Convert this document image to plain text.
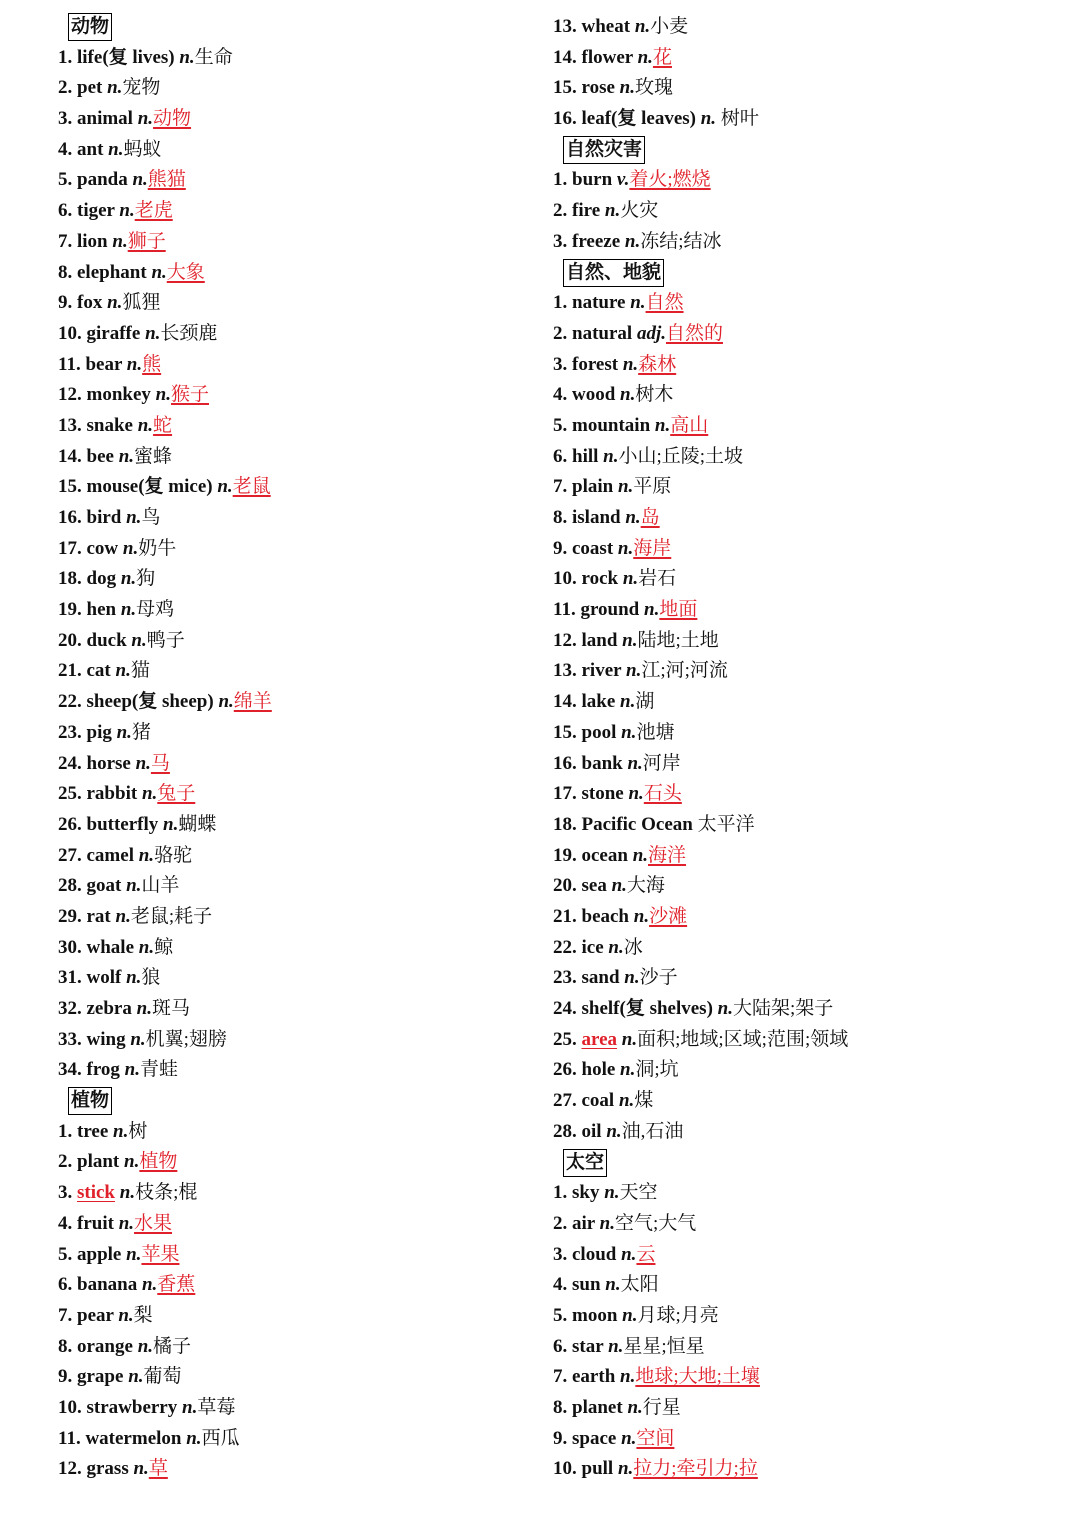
动物
1. life(复 lives) n.生命
2. pet n.宠物
3. animal n.动物
4. ant n.蚂蚁
5. panda n.熊猫
6. tiger n.老虎
7. lion n.狮子
8. elephant n.大象
9. fox n.狐狸
10. giraffe n.长颈鹿
11. bear n.熊
12. monkey n.猴子
13. snake n.蛇
14. bee n.蜜蜂
15. mouse(复 mice) n.老鼠
16. bird n.鸟
17. cow n.奶牛
18. dog n.狗
19. hen n.母鸡
20. duck n.鸭子
21. cat n.猫
22. sheep(复 sheep) n.绵羊
23. pig n.猪
24. horse n.马
25. rabbit n.兔子
26. butterfly n.蝴蝶
27. camel n.骆驼
28. goat n.山羊
29. rat n.老鼠;耗子
30. whale n.鲸
31. wolf n.狼
32. zebra n.斑马
33. wing n.机翼;翅膀
34. frog n.青蛙
植物
1. tree n.树
2. plant n.植物
3. stick n.枝条;棍
4. fruit n.水果
5. apple n.苹果
6. banana n.香蕉
7. pear n.梨
8. orange n.橘子
9. grape n.葡萄
10. strawberry n.草莓
11. watermelon n.西瓜
12. grass n.草
13. wheat n.小麦
14. flower n.花
15. rose n.玫瑰
16. leaf(复 leaves) n. 树叶
自然灾害
1. burn v.着火;燃烧
2. fire n.火灾
3. freeze n.冻结;结冰
自然、地貌
1. nature n.自然
2. natural adj.自然的
3. forest n.森林
4. wood n.树木
5. mountain n.高山
6. hill n.小山;丘陵;土坡
7. plain n.平原
8. island n.岛
9. coast n.海岸
10. rock n.岩石
11. ground n.地面
12. land n.陆地;土地
13. river n.江;河;河流
14. lake n.湖
15. pool n.池塘
16. bank n.河岸
17. stone n.石头
18. Pacific Ocean 太平洋
19. ocean n.海洋
20. sea n.大海
21. beach n.沙滩
22. ice n.冰
23. sand n.沙子
24. shelf(复 shelves) n.大陆架;架子
25. area n.面积;地域;区域;范围;领域
26. hole n.洞;坑
27. coal n.煤
28. oil n.油,石油
太空
1. sky n.天空
2. air n.空气;大气
3. cloud n.云
4. sun n.太阳
5. moon n.月球;月亮
6. star n.星星;恒星
7. earth n.地球;大地;土壤
8. planet n.行星
9. space n.空间
10. pull n.拉力;牵引力;拉
